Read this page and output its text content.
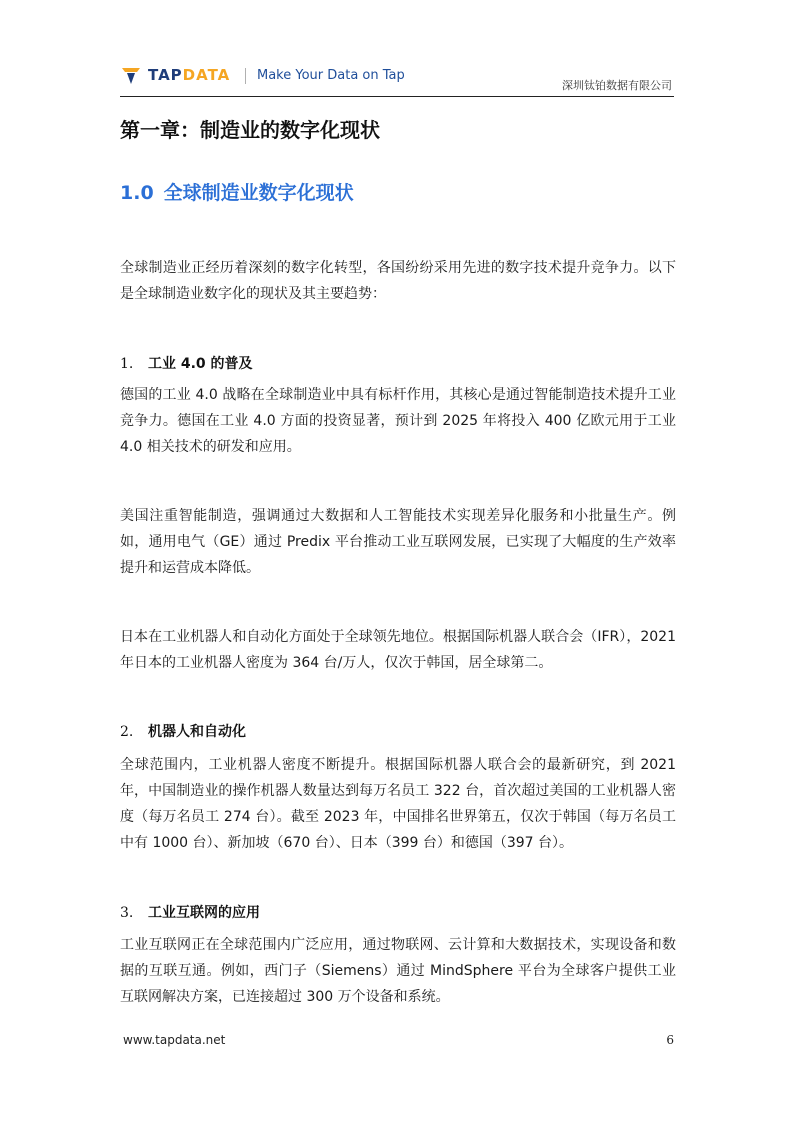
TAPDATA Make Your Data on Tap
深圳钛铂数据有限公司
第一章：制造业的数字化现状
1.0 全球制造业数字化现状

全球制造业正经历着深刻的数字化转型，各国纷纷采用先进的数字技术提升竞争力。以下是全球制造业数字化的现状及其主要趋势：

1. 工业 4.0 的普及

德国的工业 4.0 战略在全球制造业中具有标杆作用，其核心是通过智能制造技术提升工业竞争力。德国在工业 4.0 方面的投资显著，预计到 2025 年将投入 400 亿欧元用于工业 4.0 相关技术的研发和应用。

美国注重智能制造，强调通过大数据和人工智能技术实现差异化服务和小批量生产。例如，通用电气（GE）通过 Predix 平台推动工业互联网发展，已实现了大幅度的生产效率提升和运营成本降低。

日本在工业机器人和自动化方面处于全球领先地位。根据国际机器人联合会（IFR），2021 年日本的工业机器人密度为 364 台/万人，仅次于韩国，居全球第二。

2. 机器人和自动化

全球范围内，工业机器人密度不断提升。根据国际机器人联合会的最新研究，到 2021 年，中国制造业的操作机器人数量达到每万名员工 322 台，首次超过美国的工业机器人密度（每万名员工 274 台）。截至 2023 年，中国排名世界第五，仅次于韩国（每万名员工中有 1000 台）、新加坡（670 台）、日本（399 台）和德国（397 台）。

3. 工业互联网的应用

工业互联网正在全球范围内广泛应用，通过物联网、云计算和大数据技术，实现设备和数据的互联互通。例如，西门子（Siemens）通过 MindSphere 平台为全球客户提供工业互联网解决方案，已连接超过 300 万个设备和系统。

www.tapdata.net	6
